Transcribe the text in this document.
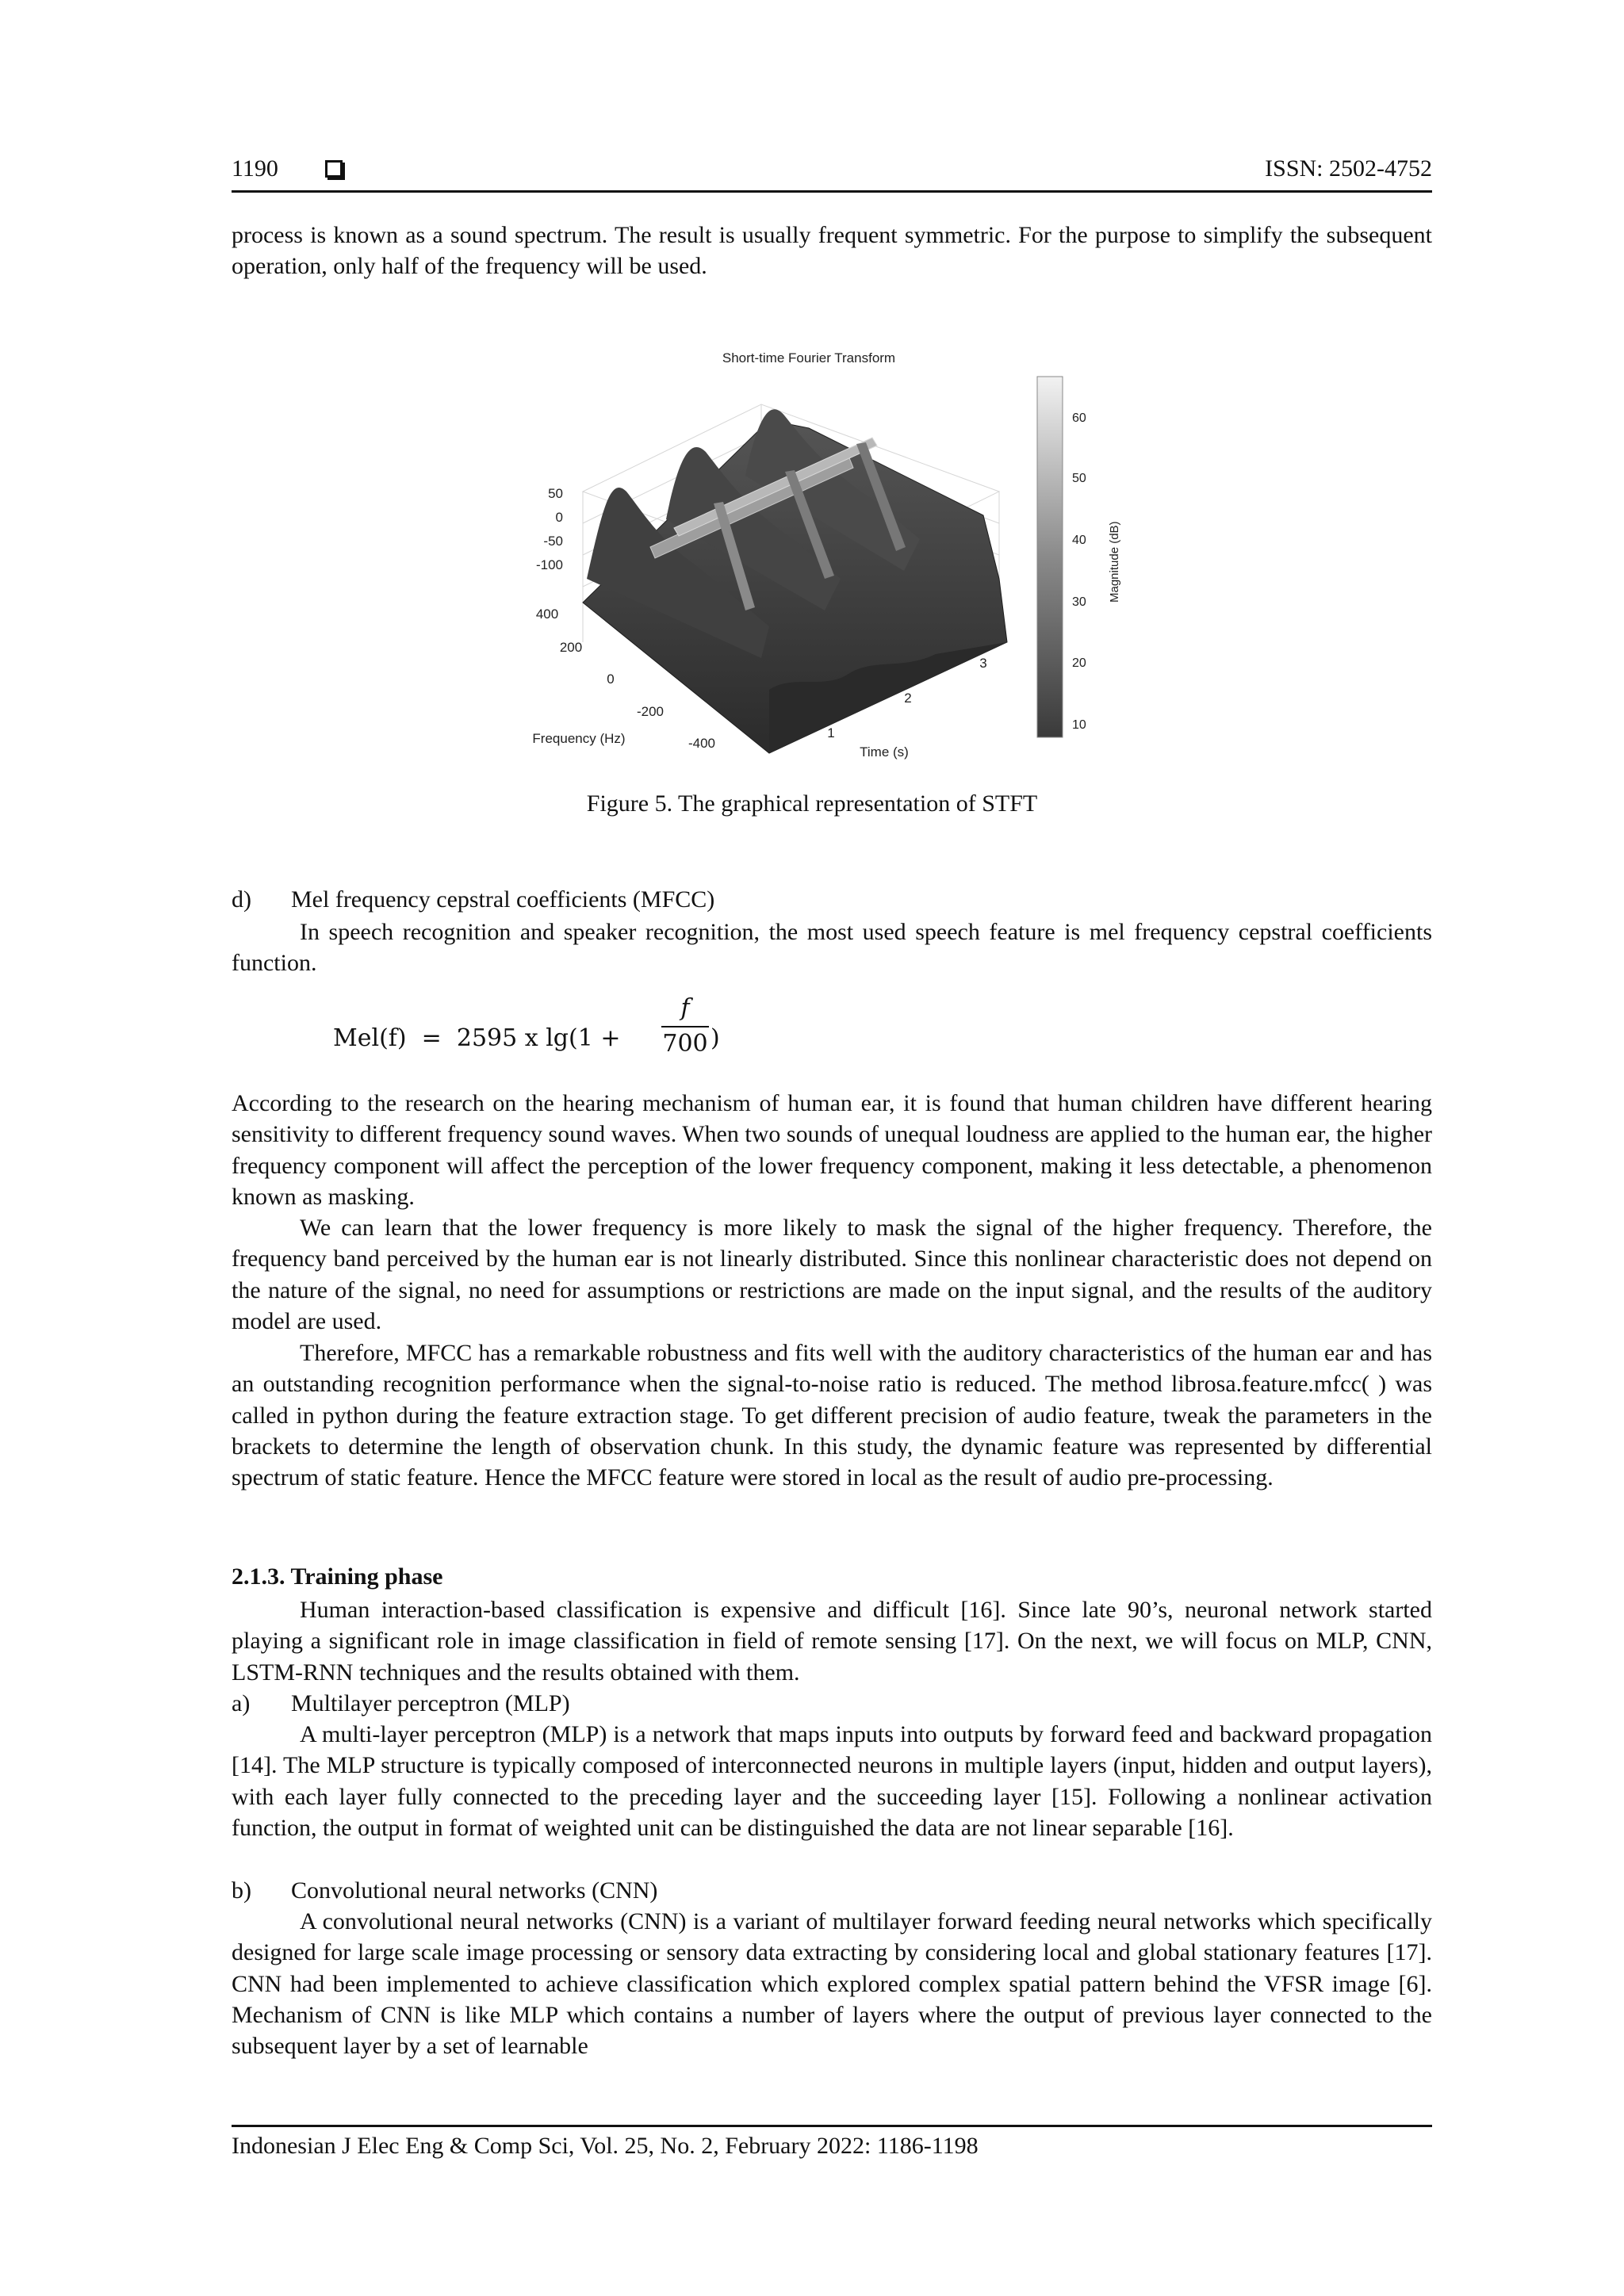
1190	ISSN: 2502-4752

process is known as a sound spectrum. The result is usually frequent symmetric. For the purpose to simplify the subsequent operation, only half of the frequency will be used.

Short-time Fourier Transform
50
0
-50
-100
400
200
0
-200
-400
Frequency (Hz)	1
2
3
Time (s)
60
50
40
30
20
10
Magnitude (dB)
Figure 5. The graphical representation of STFT
d) Mel frequency cepstral coefficients (MFCC)

In speech recognition and speaker recognition, the most used speech feature is mel frequency cepstral coefficients function.

Mel(f)  =  2595 x lg(1 +
f
700 )

According to the research on the hearing mechanism of human ear, it is found that human children have different hearing sensitivity to different frequency sound waves. When two sounds of unequal loudness are applied to the human ear, the higher frequency component will affect the perception of the lower frequency component, making it less detectable, a phenomenon known as masking.

We can learn that the lower frequency is more likely to mask the signal of the higher frequency. Therefore, the frequency band perceived by the human ear is not linearly distributed. Since this nonlinear characteristic does not depend on the nature of the signal, no need for assumptions or restrictions are made on the input signal, and the results of the auditory model are used.

Therefore, MFCC has a remarkable robustness and fits well with the auditory characteristics of the human ear and has an outstanding recognition performance when the signal-to-noise ratio is reduced. The method librosa.feature.mfcc( ) was called in python during the feature extraction stage. To get different precision of audio feature, tweak the parameters in the brackets to determine the length of observation chunk. In this study, the dynamic feature was represented by differential spectrum of static feature. Hence the MFCC feature were stored in local as the result of audio pre-processing.

2.1.3. Training phase

Human interaction-based classification is expensive and difficult [16]. Since late 90’s, neuronal network started playing a significant role in image classification in field of remote sensing [17]. On the next, we will focus on MLP, CNN, LSTM-RNN techniques and the results obtained with them.

a) Multilayer perceptron (MLP)

A multi-layer perceptron (MLP) is a network that maps inputs into outputs by forward feed and backward propagation [14]. The MLP structure is typically composed of interconnected neurons in multiple layers (input, hidden and output layers), with each layer fully connected to the preceding layer and the succeeding layer [15]. Following a nonlinear activation function, the output in format of weighted unit can be distinguished the data are not linear separable [16].

b) Convolutional neural networks (CNN)

A convolutional neural networks (CNN) is a variant of multilayer forward feeding neural networks which specifically designed for large scale image processing or sensory data extracting by considering local and global stationary features [17]. CNN had been implemented to achieve classification which explored complex spatial pattern behind the VFSR image [6]. Mechanism of CNN is like MLP which contains a number of layers where the output of previous layer connected to the subsequent layer by a set of learnable

Indonesian J Elec Eng & Comp Sci, Vol. 25, No. 2, February 2022: 1186-1198
